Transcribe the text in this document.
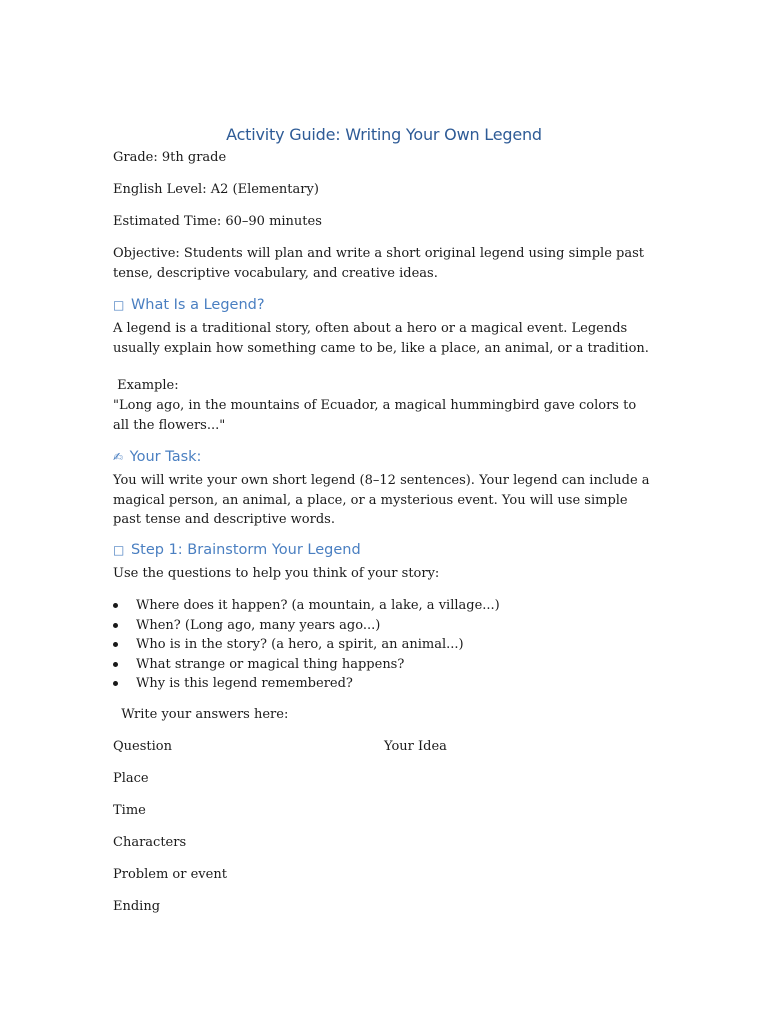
Activity Guide: Writing Your Own Legend
Grade: 9th grade
English Level: A2 (Elementary)
Estimated Time: 60–90 minutes
Objective: Students will plan and write a short original legend using simple past tense, descriptive vocabulary, and creative ideas.
□ What Is a Legend?
A legend is a traditional story, often about a hero or a magical event. Legends usually explain how something came to be, like a place, an animal, or a tradition.
Example:
"Long ago, in the mountains of Ecuador, a magical hummingbird gave colors to all the flowers..."
✍ Your Task:
You will write your own short legend (8–12 sentences). Your legend can include a magical person, an animal, a place, or a mysterious event. You will use simple past tense and descriptive words.
□ Step 1: Brainstorm Your Legend
Use the questions to help you think of your story:
Where does it happen? (a mountain, a lake, a village...)
When? (Long ago, many years ago...)
Who is in the story? (a hero, a spirit, an animal...)
What strange or magical thing happens?
Why is this legend remembered?
Write your answers here:
Question	Your Idea
Place
Time
Characters
Problem or event
Ending
